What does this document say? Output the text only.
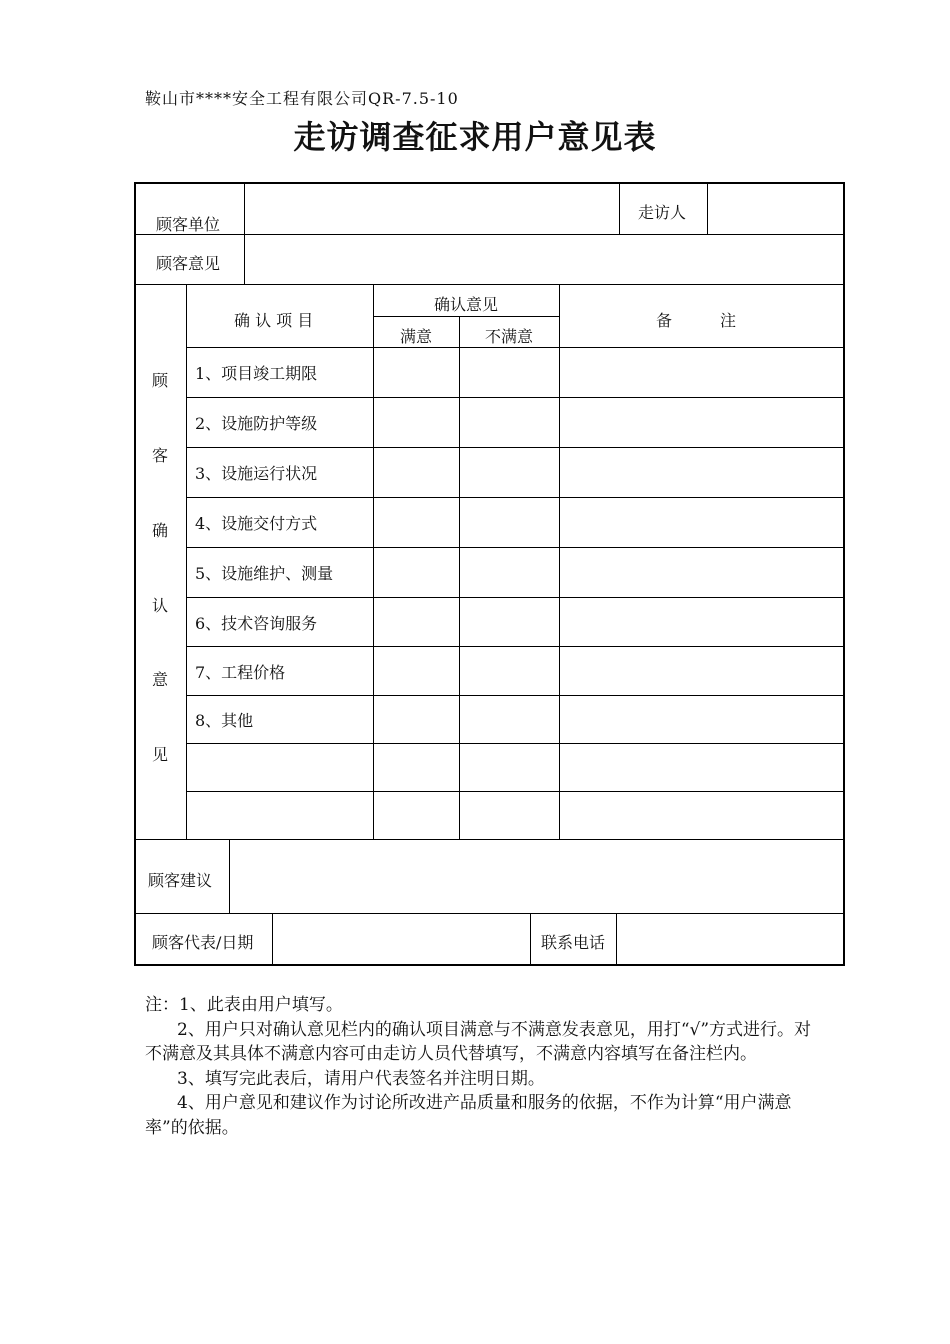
鞍山市****安全工程有限公司QR-7.5-10
走访调查征求用户意见表
顾客单位
走访人
顾客意见
顾
客
确
认
意
见
确 认 项 目
确认意见
满意	不满意
备　　　注
顾客建议
顾客代表/日期	联系电话
1、项目竣工期限
2、设施防护等级
3、设施运行状况
4、设施交付方式
5、设施维护、测量
6、技术咨询服务
7、工程价格
8、其他

注：1、此表由用户填写。

2、用户只对确认意见栏内的确认项目满意与不满意发表意见，用打“√”方式进行。对不满意及其具体不满意内容可由走访人员代替填写，不满意内容填写在备注栏内。

3、填写完此表后，请用户代表签名并注明日期。

4、用户意见和建议作为讨论所改进产品质量和服务的依据，不作为计算“用户满意率”的依据。
